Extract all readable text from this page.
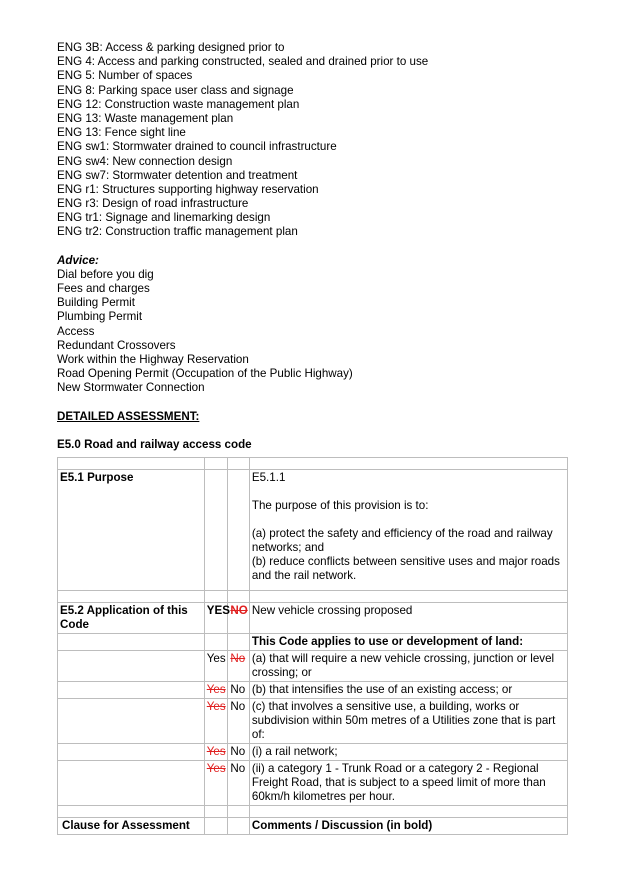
ENG 3B: Access & parking designed prior to
ENG 4: Access and parking constructed, sealed and drained prior to use
ENG 5: Number of spaces
ENG 8: Parking space user class and signage
ENG 12: Construction waste management plan
ENG 13: Waste management plan
ENG 13: Fence sight line
ENG sw1: Stormwater drained to council infrastructure
ENG sw4: New connection design
ENG sw7: Stormwater detention and treatment
ENG r1: Structures supporting highway reservation
ENG r3: Design of road infrastructure
ENG tr1: Signage and linemarking design
ENG tr2: Construction traffic management plan
Advice:
Dial before you dig
Fees and charges
Building Permit
Plumbing Permit
Access
Redundant Crossovers
Work within the Highway Reservation
Road Opening Permit (Occupation of the Public Highway)
New Stormwater Connection
DETAILED ASSESSMENT:
E5.0 Road and railway access code

E5.1 Purpose			E5.1.1
The purpose of this provision is to:
(a) protect the safety and efficiency of the road and railway networks; and
(b) reduce conflicts between sensitive uses and major roads and the rail network.

E5.2 Application of this Code	YES	NO	New vehicle crossing proposed
			This Code applies to use or development of land:
	Yes	No	(a) that will require a new vehicle crossing, junction or level crossing; or
	Yes	No	(b) that intensifies the use of an existing access; or
	Yes	No	(c) that involves a sensitive use, a building, works or subdivision within 50m metres of a Utilities zone that is part of:
	Yes	No	(i) a rail network;
	Yes	No	(ii) a category 1 - Trunk Road or a category 2 - Regional Freight Road, that is subject to a speed limit of more than 60km/h kilometres per hour.

Clause for Assessment			Comments / Discussion (in bold)
